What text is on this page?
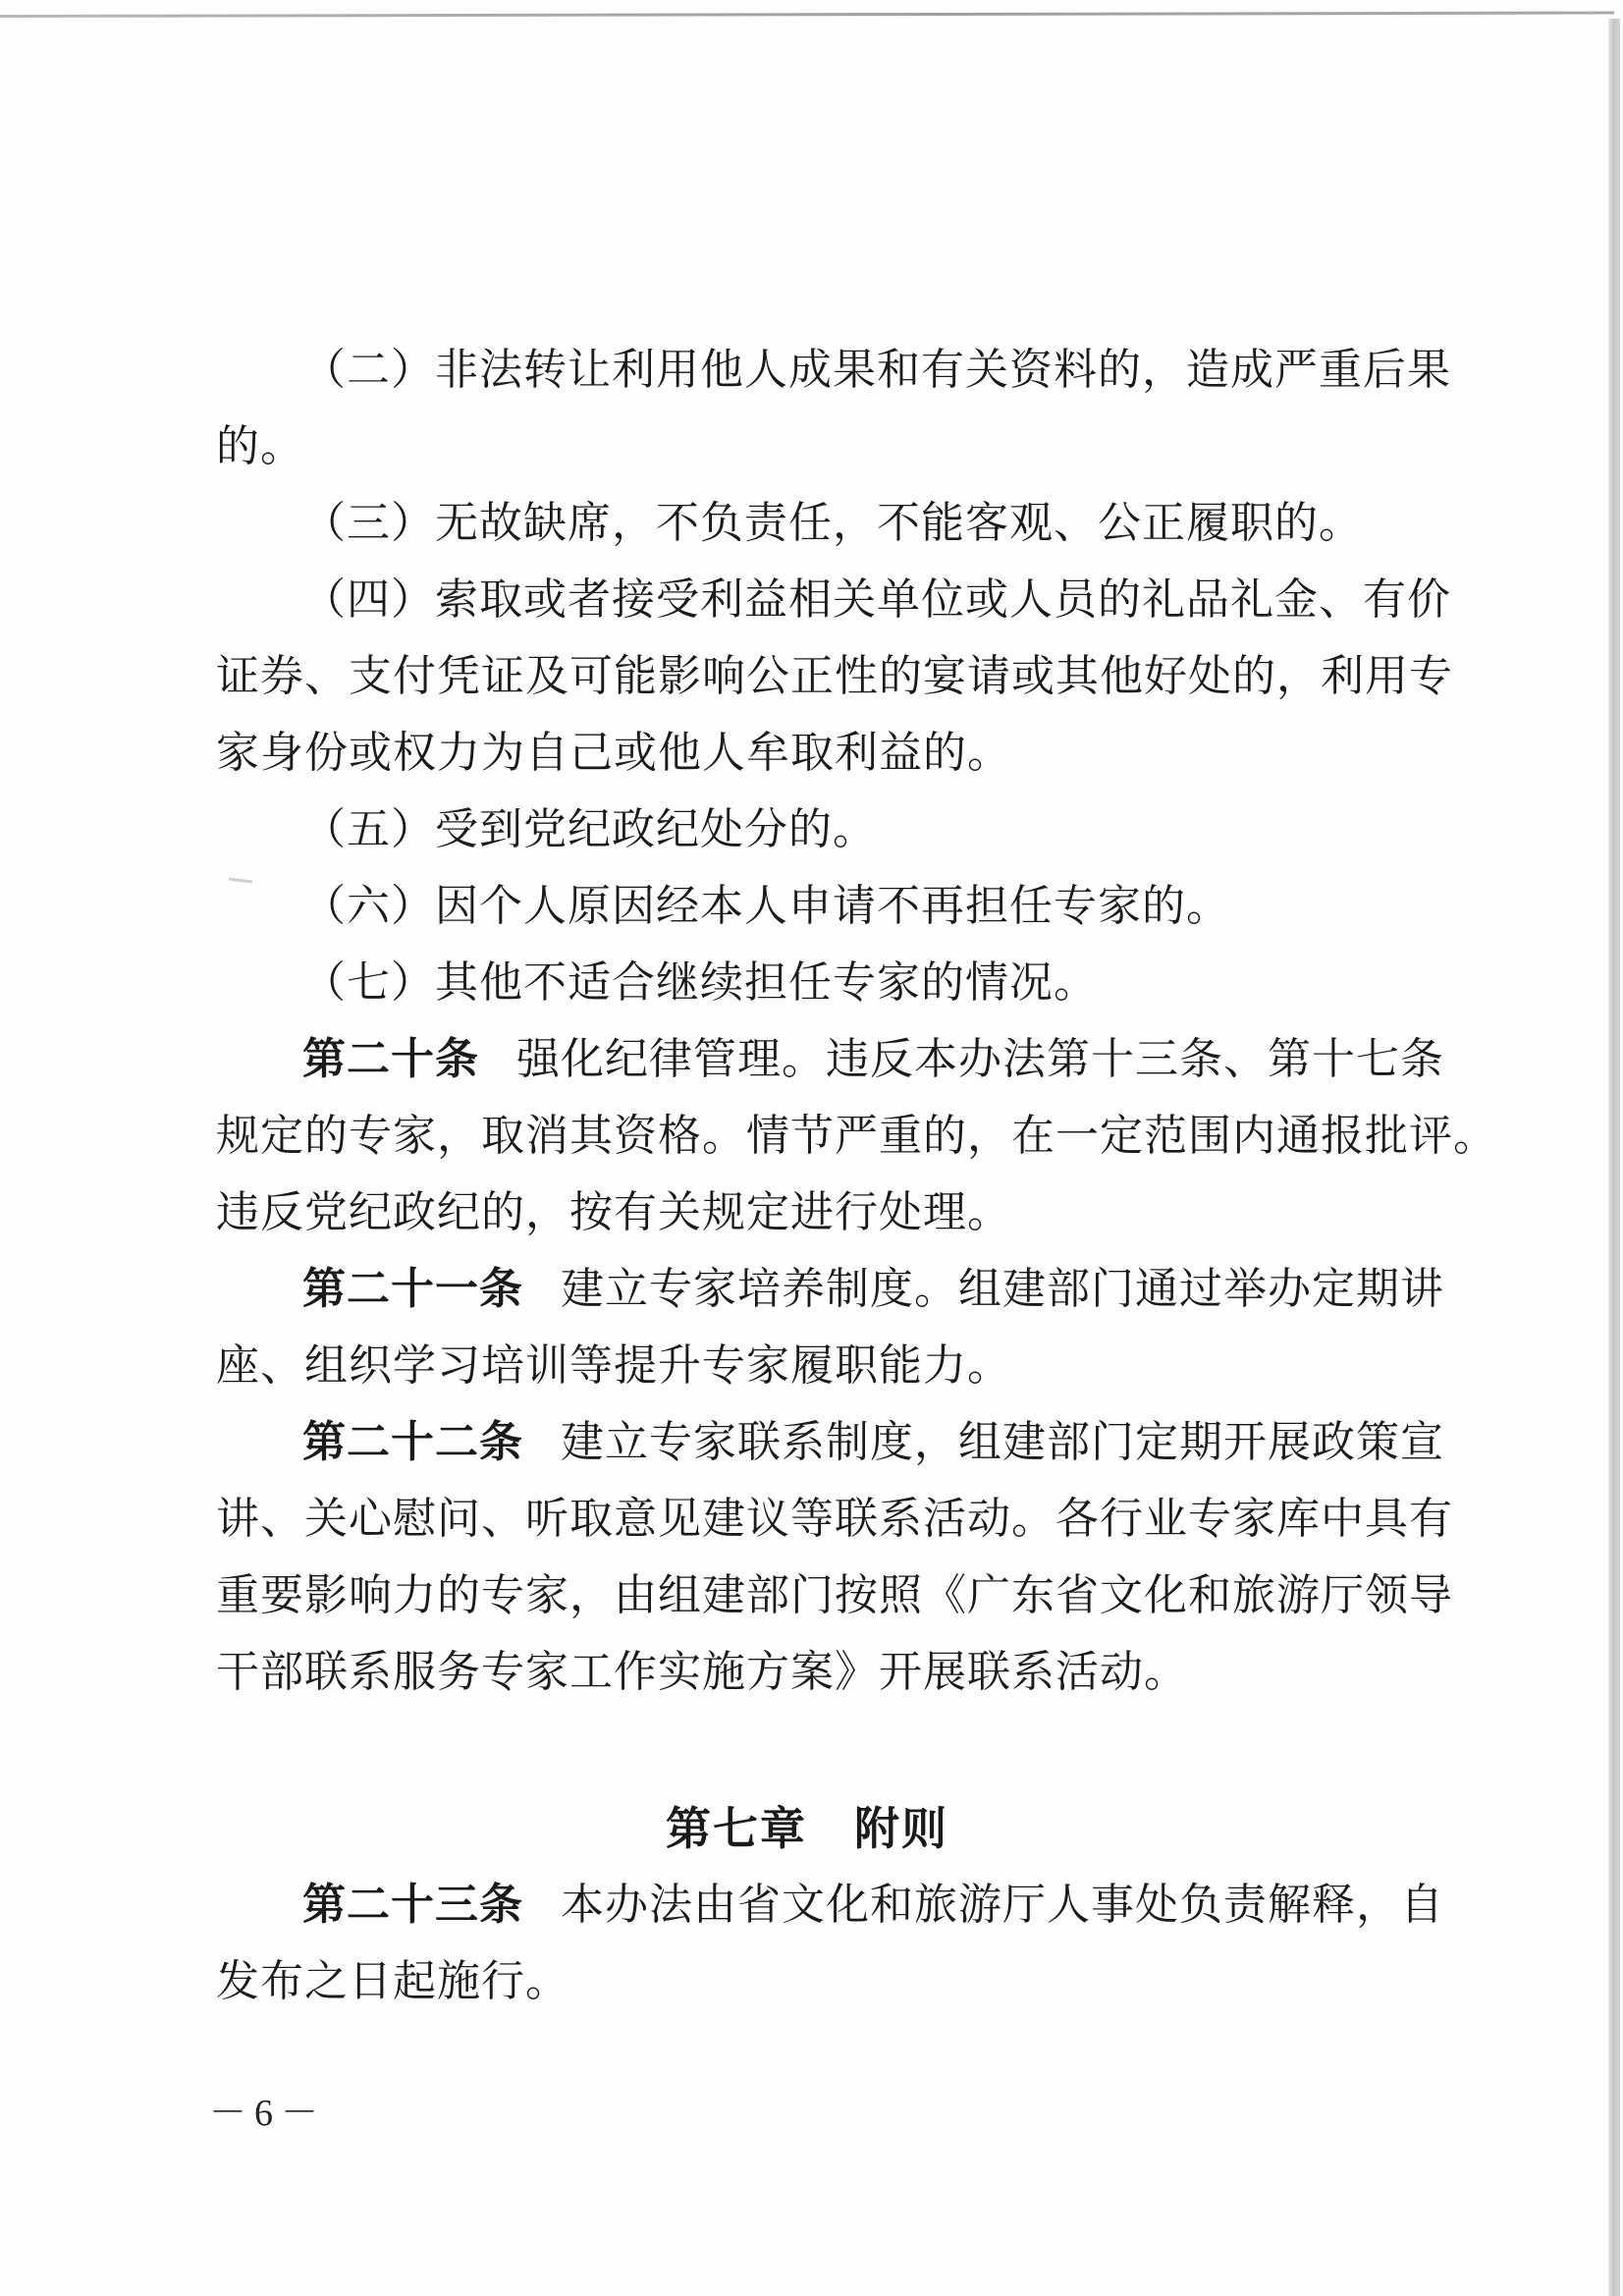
（二）非法转让利用他人成果和有关资料的，造成严重后果
的。
（三）无故缺席，不负责任，不能客观、公正履职的。
（四）索取或者接受利益相关单位或人员的礼品礼金、有价
证券、支付凭证及可能影响公正性的宴请或其他好处的，利用专
家身份或权力为自己或他人牟取利益的。
（五）受到党纪政纪处分的。
（六）因个人原因经本人申请不再担任专家的。
（七）其他不适合继续担任专家的情况。
第二十条 强化纪律管理。违反本办法第十三条、第十七条
规定的专家，取消其资格。情节严重的，在一定范围内通报批评。
违反党纪政纪的，按有关规定进行处理。
第二十一条 建立专家培养制度。组建部门通过举办定期讲
座、组织学习培训等提升专家履职能力。
第二十二条 建立专家联系制度，组建部门定期开展政策宣
讲、关心慰问、听取意见建议等联系活动。各行业专家库中具有
重要影响力的专家，由组建部门按照《广东省文化和旅游厅领导
干部联系服务专家工作实施方案》开展联系活动。
第七章　附则
第二十三条 本办法由省文化和旅游厅人事处负责解释，自
发布之日起施行。
－6－
